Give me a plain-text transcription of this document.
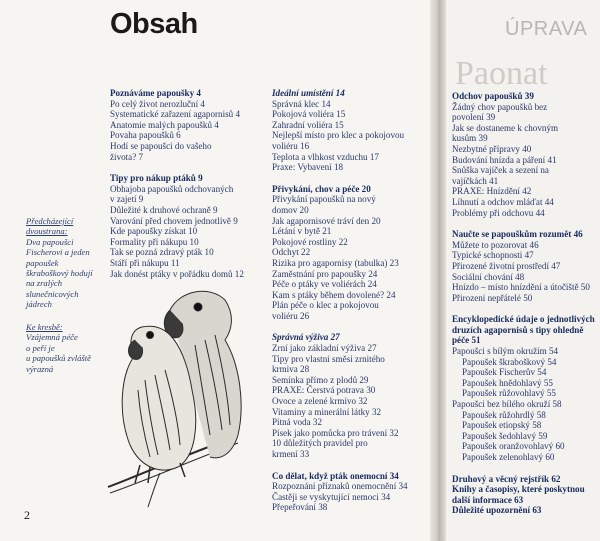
ÚPRAVA
Paonat
Obsah
Předcházející
dvoustrana:
Dva papoušci
Fischerovi a jeden
papoušek
škraboškový hodují
na zralých
slunečnicových
jádrech
Ke kresbě:
Vzájemná péče
o peří je
u papoušků zvláště
výrazná
Poznáváme papoušky 4
Po celý život nerozluční 4
Systematické zařazení agapornisů 4
Anatomie malých papoušků 4
Povaha papoušků 6
Hodí se papoušci do vašeho
života? 7
Tipy pro nákup ptáků 9
Obhajoba papoušků odchovaných
v zajetí 9
Důležité k druhové ochraně 9
Varování před chovem jednotlivě 9
Kde papoušky získat 10
Formality při nákupu 10
Tak se pozná zdravý pták 10
Stáří při nákupu 11
Jak donést ptáky v pořádku domů 12
Ideální umístění 14
Správná klec 14
Pokojová voliéra 15
Zahradní voliéra 15
Nejlepší místo pro klec a pokojovou
voliéru 16
Teplota a vlhkost vzduchu 17
Praxe: Vybavení 18
Přivykání, chov a péče 20
Přivykání papoušků na nový
domov 20
Jak agapornisové tráví den 20
Létání v bytě 21
Pokojové rostliny 22
Odchyt 22
Rizika pro agapornisy (tabulka) 23
Zaměstnání pro papoušky 24
Péče o ptáky ve voliérách 24
Kam s ptáky během dovolené? 24
Plán péče o klec a pokojovou
voliéru 26
Správná výživa 27
Zrní jako základní výživa 27
Tipy pro vlastní směsi zrnitého
krmiva 28
Semínka přímo z plodů 29
PRAXE: Čerstvá potrava 30
Ovoce a zelené krmivo 32
Vitaminy a minerální látky 32
Pitná voda 32
Písek jako pomůcka pro trávení 32
10 důležitých pravidel pro
krmení 33
Co dělat, když pták onemocní 34
Rozpoznání příznaků onemocnění 34
Častěji se vyskytující nemoci 34
Přepeřování 38
Odchov papoušků 39
Žádný chov papoušků bez
povolení 39
Jak se dostaneme k chovným
kusům 39
Nezbytné přípravy 40
Budování hnízda a páření 41
Snůška vajíček a sezení na
vajíčkách 41
PRAXE: Hnízdění 42
Líhnutí a odchov mláďat 44
Problémy při odchovu 44
Naučte se papouškům rozumět 46
Můžete to pozorovat 46
Typické schopnosti 47
Přirozené životní prostředí 47
Sociální chování 48
Hnízdo – místo hnízdění a útočiště 50
Přirození nepřátelé 50
Encyklopedické údaje o jednotlivých
druzích agapornisů s tipy ohledně
péče 51
Papoušci s bílým okružím 54
Papoušek škraboškový 54
Papoušek Fischerův 54
Papoušek hnědohlavý 55
Papoušek růžovohlavý 55
Papoušci bez bílého okruží 58
Papoušek růžohrdlý 58
Papoušek etiopský 58
Papoušek šedohlavý 59
Papoušek oranžovohlavý 60
Papoušek zelenohlavý 60
Druhový a věcný rejstřík 62
Knihy a časopisy, které poskytnou
další informace 63
Důležité upozornění 63
2
